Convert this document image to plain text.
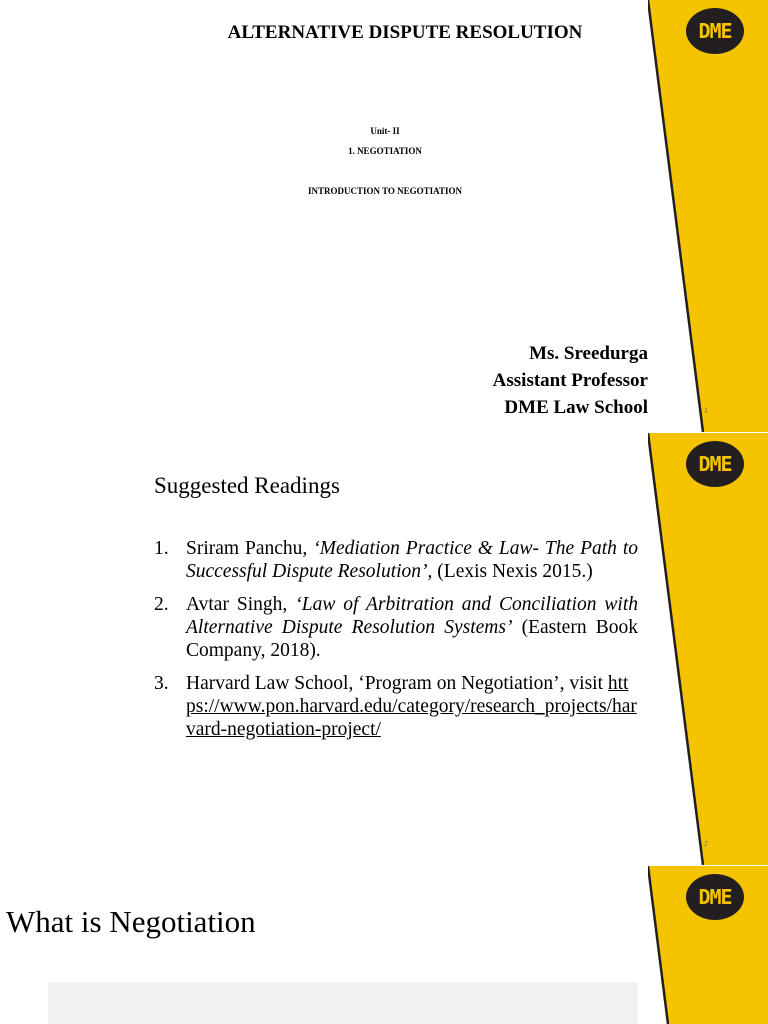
DME
ALTERNATIVE DISPUTE RESOLUTION
Unit- II
1. NEGOTIATION
INTRODUCTION TO NEGOTIATION
Ms. Sreedurga
Assistant Professor
DME Law School	1
DME
Suggested Readings
1. Sriram Panchu, ‘Mediation Practice & Law- The Path to Successful Dispute Resolution’, (Lexis Nexis 2015.)
2. Avtar Singh, ‘Law of Arbitration and Conciliation with Alternative Dispute Resolution Systems’ (Eastern Book Company, 2018).
3. Harvard Law School, ‘Program on Negotiation’, visit https://www.pon.harvard.edu/category/research_projects/harvard-negotiation-project/
2
DME
What is Negotiation
